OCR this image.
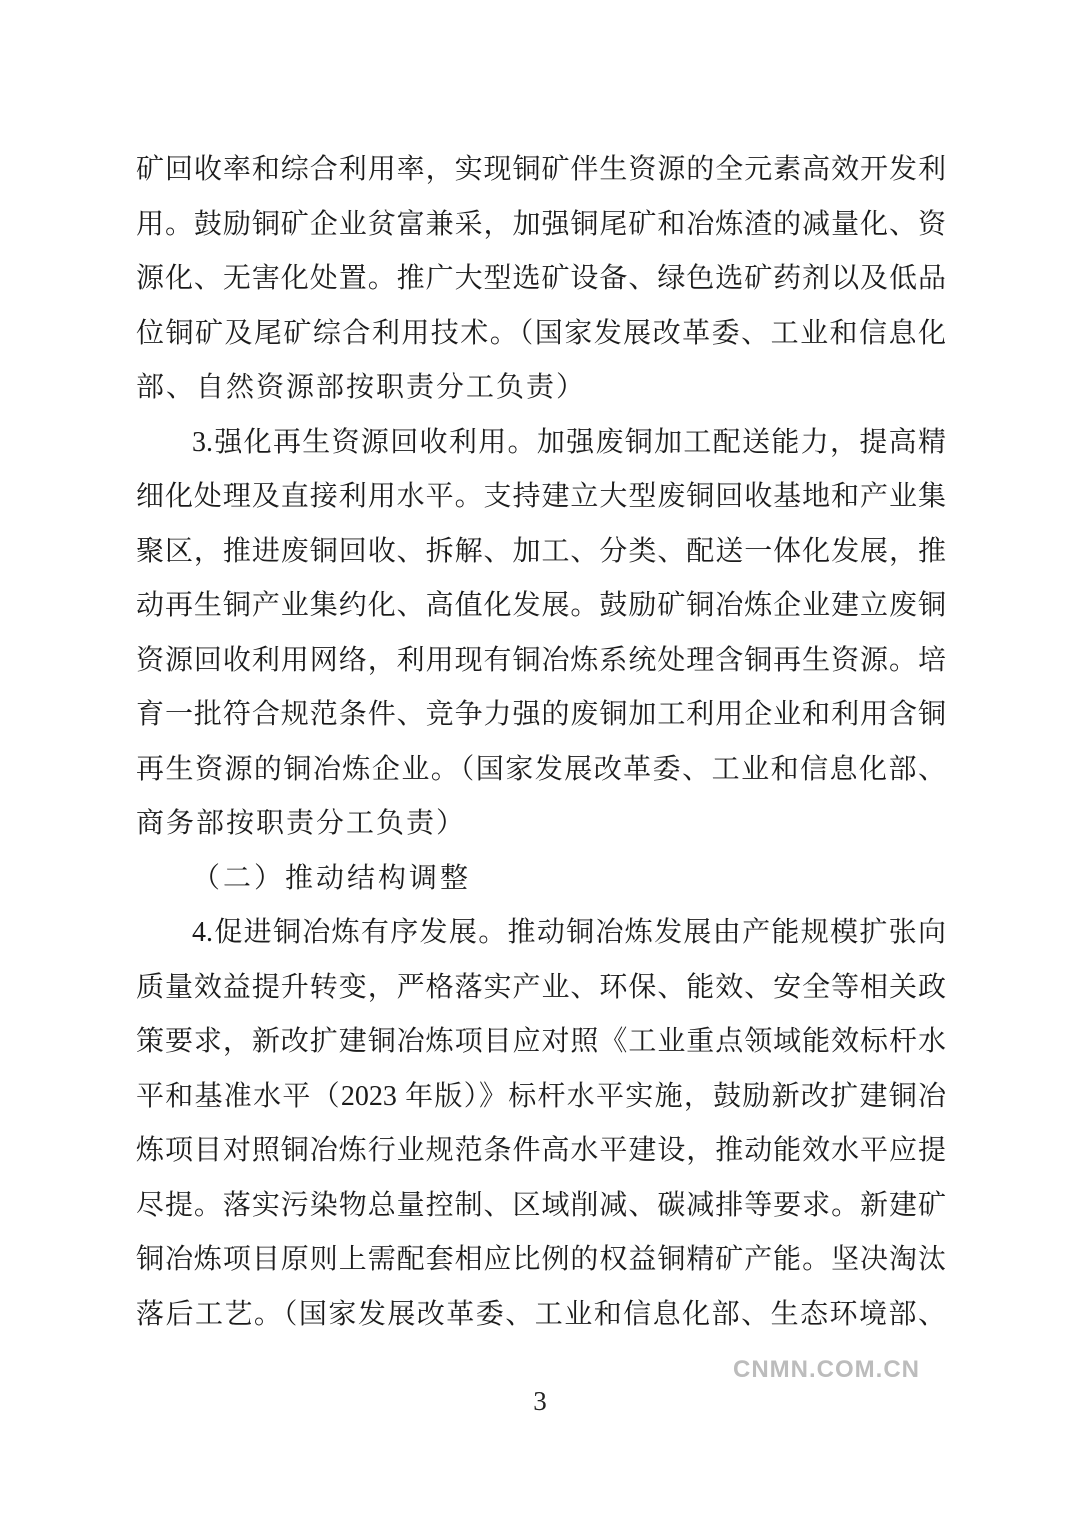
矿回收率和综合利用率，实现铜矿伴生资源的全元素高效开发利
用。鼓励铜矿企业贫富兼采，加强铜尾矿和冶炼渣的减量化、资
源化、无害化处置。推广大型选矿设备、绿色选矿药剂以及低品
位铜矿及尾矿综合利用技术。（国家发展改革委、工业和信息化
部、自然资源部按职责分工负责）
3.强化再生资源回收利用。加强废铜加工配送能力，提高精
细化处理及直接利用水平。支持建立大型废铜回收基地和产业集
聚区，推进废铜回收、拆解、加工、分类、配送一体化发展，推
动再生铜产业集约化、高值化发展。鼓励矿铜冶炼企业建立废铜
资源回收利用网络，利用现有铜冶炼系统处理含铜再生资源。培
育一批符合规范条件、竞争力强的废铜加工利用企业和利用含铜
再生资源的铜冶炼企业。（国家发展改革委、工业和信息化部、
商务部按职责分工负责）
（二）推动结构调整
4.促进铜冶炼有序发展。推动铜冶炼发展由产能规模扩张向
质量效益提升转变，严格落实产业、环保、能效、安全等相关政
策要求，新改扩建铜冶炼项目应对照《工业重点领域能效标杆水
平和基准水平（2023 年版）》标杆水平实施，鼓励新改扩建铜冶
炼项目对照铜冶炼行业规范条件高水平建设，推动能效水平应提
尽提。落实污染物总量控制、区域削减、碳减排等要求。新建矿
铜冶炼项目原则上需配套相应比例的权益铜精矿产能。坚决淘汰
落后工艺。（国家发展改革委、工业和信息化部、生态环境部、
CNMN.COM.CN
3
